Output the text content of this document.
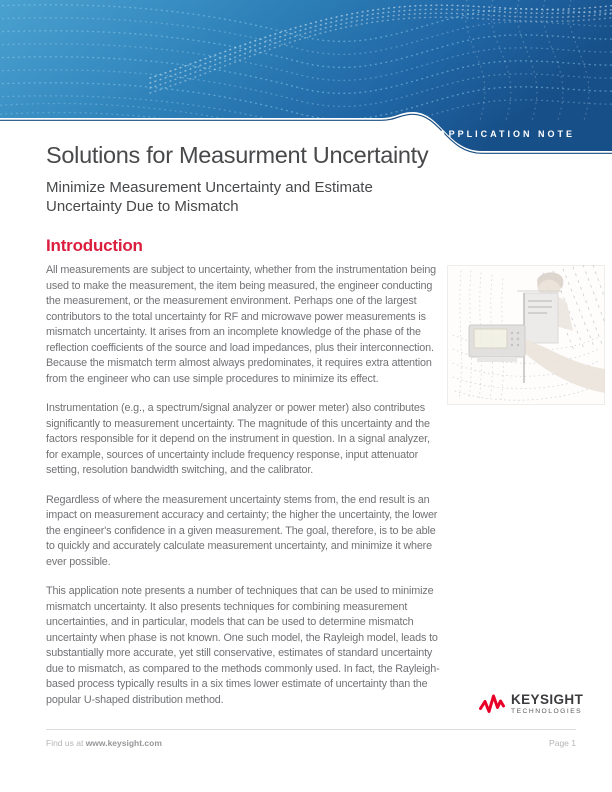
APPLICATION NOTE
Solutions for Measurment Uncertainty
Minimize Measurement Uncertainty and Estimate
Uncertainty Due to Mismatch
Introduction

All measurements are subject to uncertainty, whether from the instrumentation being used to make the measurement, the item being measured, the engineer conducting the measurement, or the measurement environment. Perhaps one of the largest contributors to the total uncertainty for RF and microwave power measurements is mismatch uncertainty. It arises from an incomplete knowledge of the phase of the reflection coefficients of the source and load impedances, plus their interconnection. Because the mismatch term almost always predominates, it requires extra attention from the engineer who can use simple procedures to minimize its effect.

Instrumentation (e.g., a spectrum/signal analyzer or power meter) also contributes significantly to measurement uncertainty. The magnitude of this uncertainty and the factors responsible for it depend on the instrument in question. In a signal analyzer, for example, sources of uncertainty include frequency response, input attenuator setting, resolution bandwidth switching, and the calibrator.

Regardless of where the measurement uncertainty stems from, the end result is an impact on measurement accuracy and certainty; the higher the uncertainty, the lower the engineer's confidence in a given measurement. The goal, therefore, is to be able to quickly and accurately calculate measurement uncertainty, and minimize it where ever possible.

This application note presents a number of techniques that can be used to minimize mismatch uncertainty. It also presents techniques for combining measurement uncertainties, and in particular, models that can be used to determine mismatch uncertainty when phase is not known. One such model, the Rayleigh model, leads to substantially more accurate, yet still conservative, estimates of standard uncertainty due to mismatch, as compared to the methods commonly used. In fact, the Rayleigh-based process typically results in a six times lower estimate of uncertainty than the popular U-shaped distribution method.	KEYSIGHT
TECHNOLOGIES
Find us at www.keysight.com	Page 1
